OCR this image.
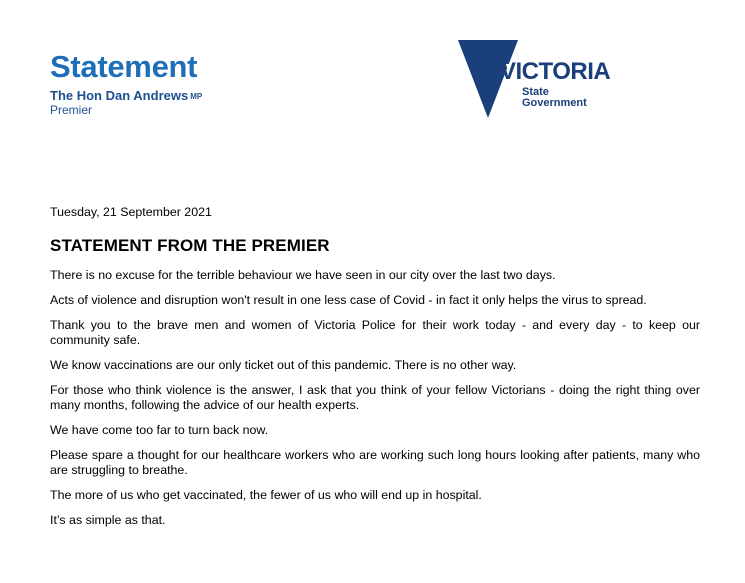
Statement
The Hon Dan Andrews MP
Premier
VICTORIA
State
Government

Tuesday, 21 September 2021

STATEMENT FROM THE PREMIER

There is no excuse for the terrible behaviour we have seen in our city over the last two days.

Acts of violence and disruption won't result in one less case of Covid - in fact it only helps the virus to spread.

Thank you to the brave men and women of Victoria Police for their work today - and every day - to keep our community safe.

We know vaccinations are our only ticket out of this pandemic. There is no other way.

For those who think violence is the answer, I ask that you think of your fellow Victorians - doing the right thing over many months, following the advice of our health experts.

We have come too far to turn back now.

Please spare a thought for our healthcare workers who are working such long hours looking after patients, many who are struggling to breathe.

The more of us who get vaccinated, the fewer of us who will end up in hospital.

It’s as simple as that.
